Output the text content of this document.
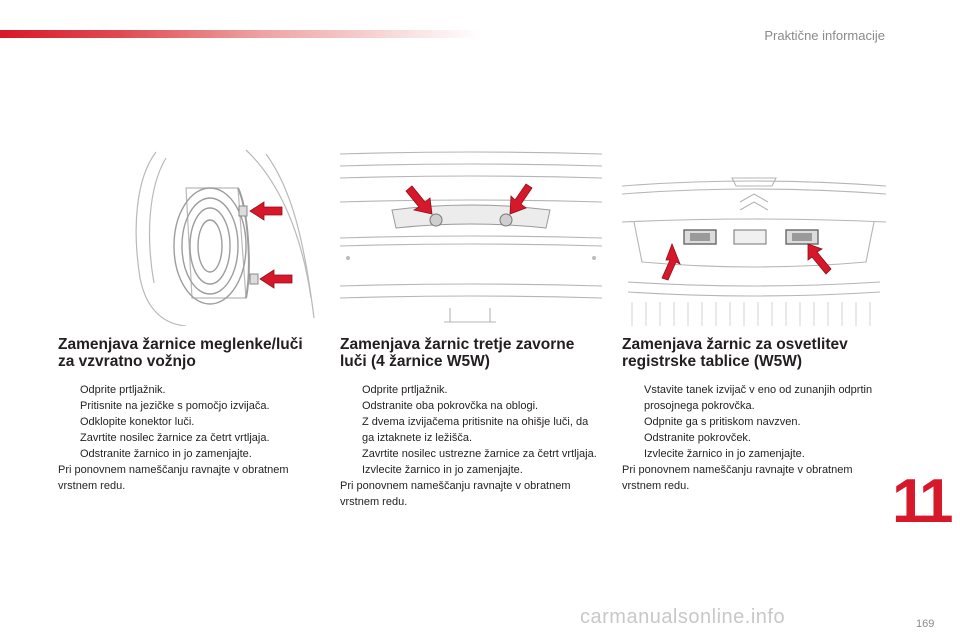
Praktične informacije
Zamenjava žarnice meglenke/luči za vzvratno vožnjo
Odprite prtljažnik.
Pritisnite na jezičke s pomočjo izvijača.
Odklopite konektor luči.
Zavrtite nosilec žarnice za četrt vrtljaja.
Odstranite žarnico in jo zamenjajte.

Pri ponovnem nameščanju ravnajte v obratnem vrstnem redu.

Zamenjava žarnic tretje zavorne luči (4 žarnice W5W)
Odprite prtljažnik.
Odstranite oba pokrovčka na oblogi.
Z dvema izvijačema pritisnite na ohišje luči, da ga iztaknete iz ležišča.
Zavrtite nosilec ustrezne žarnice za četrt vrtljaja.
Izvlecite žarnico in jo zamenjajte.

Pri ponovnem nameščanju ravnajte v obratnem vrstnem redu.

Zamenjava žarnic za osvetlitev registrske tablice (W5W)
Vstavite tanek izvijač v eno od zunanjih odprtin prosojnega pokrovčka.
Odpnite ga s pritiskom navzven.
Odstranite pokrovček.
Izvlecite žarnico in jo zamenjajte.

Pri ponovnem nameščanju ravnajte v obratnem vrstnem redu.	11
carmanualsonline.info	169
